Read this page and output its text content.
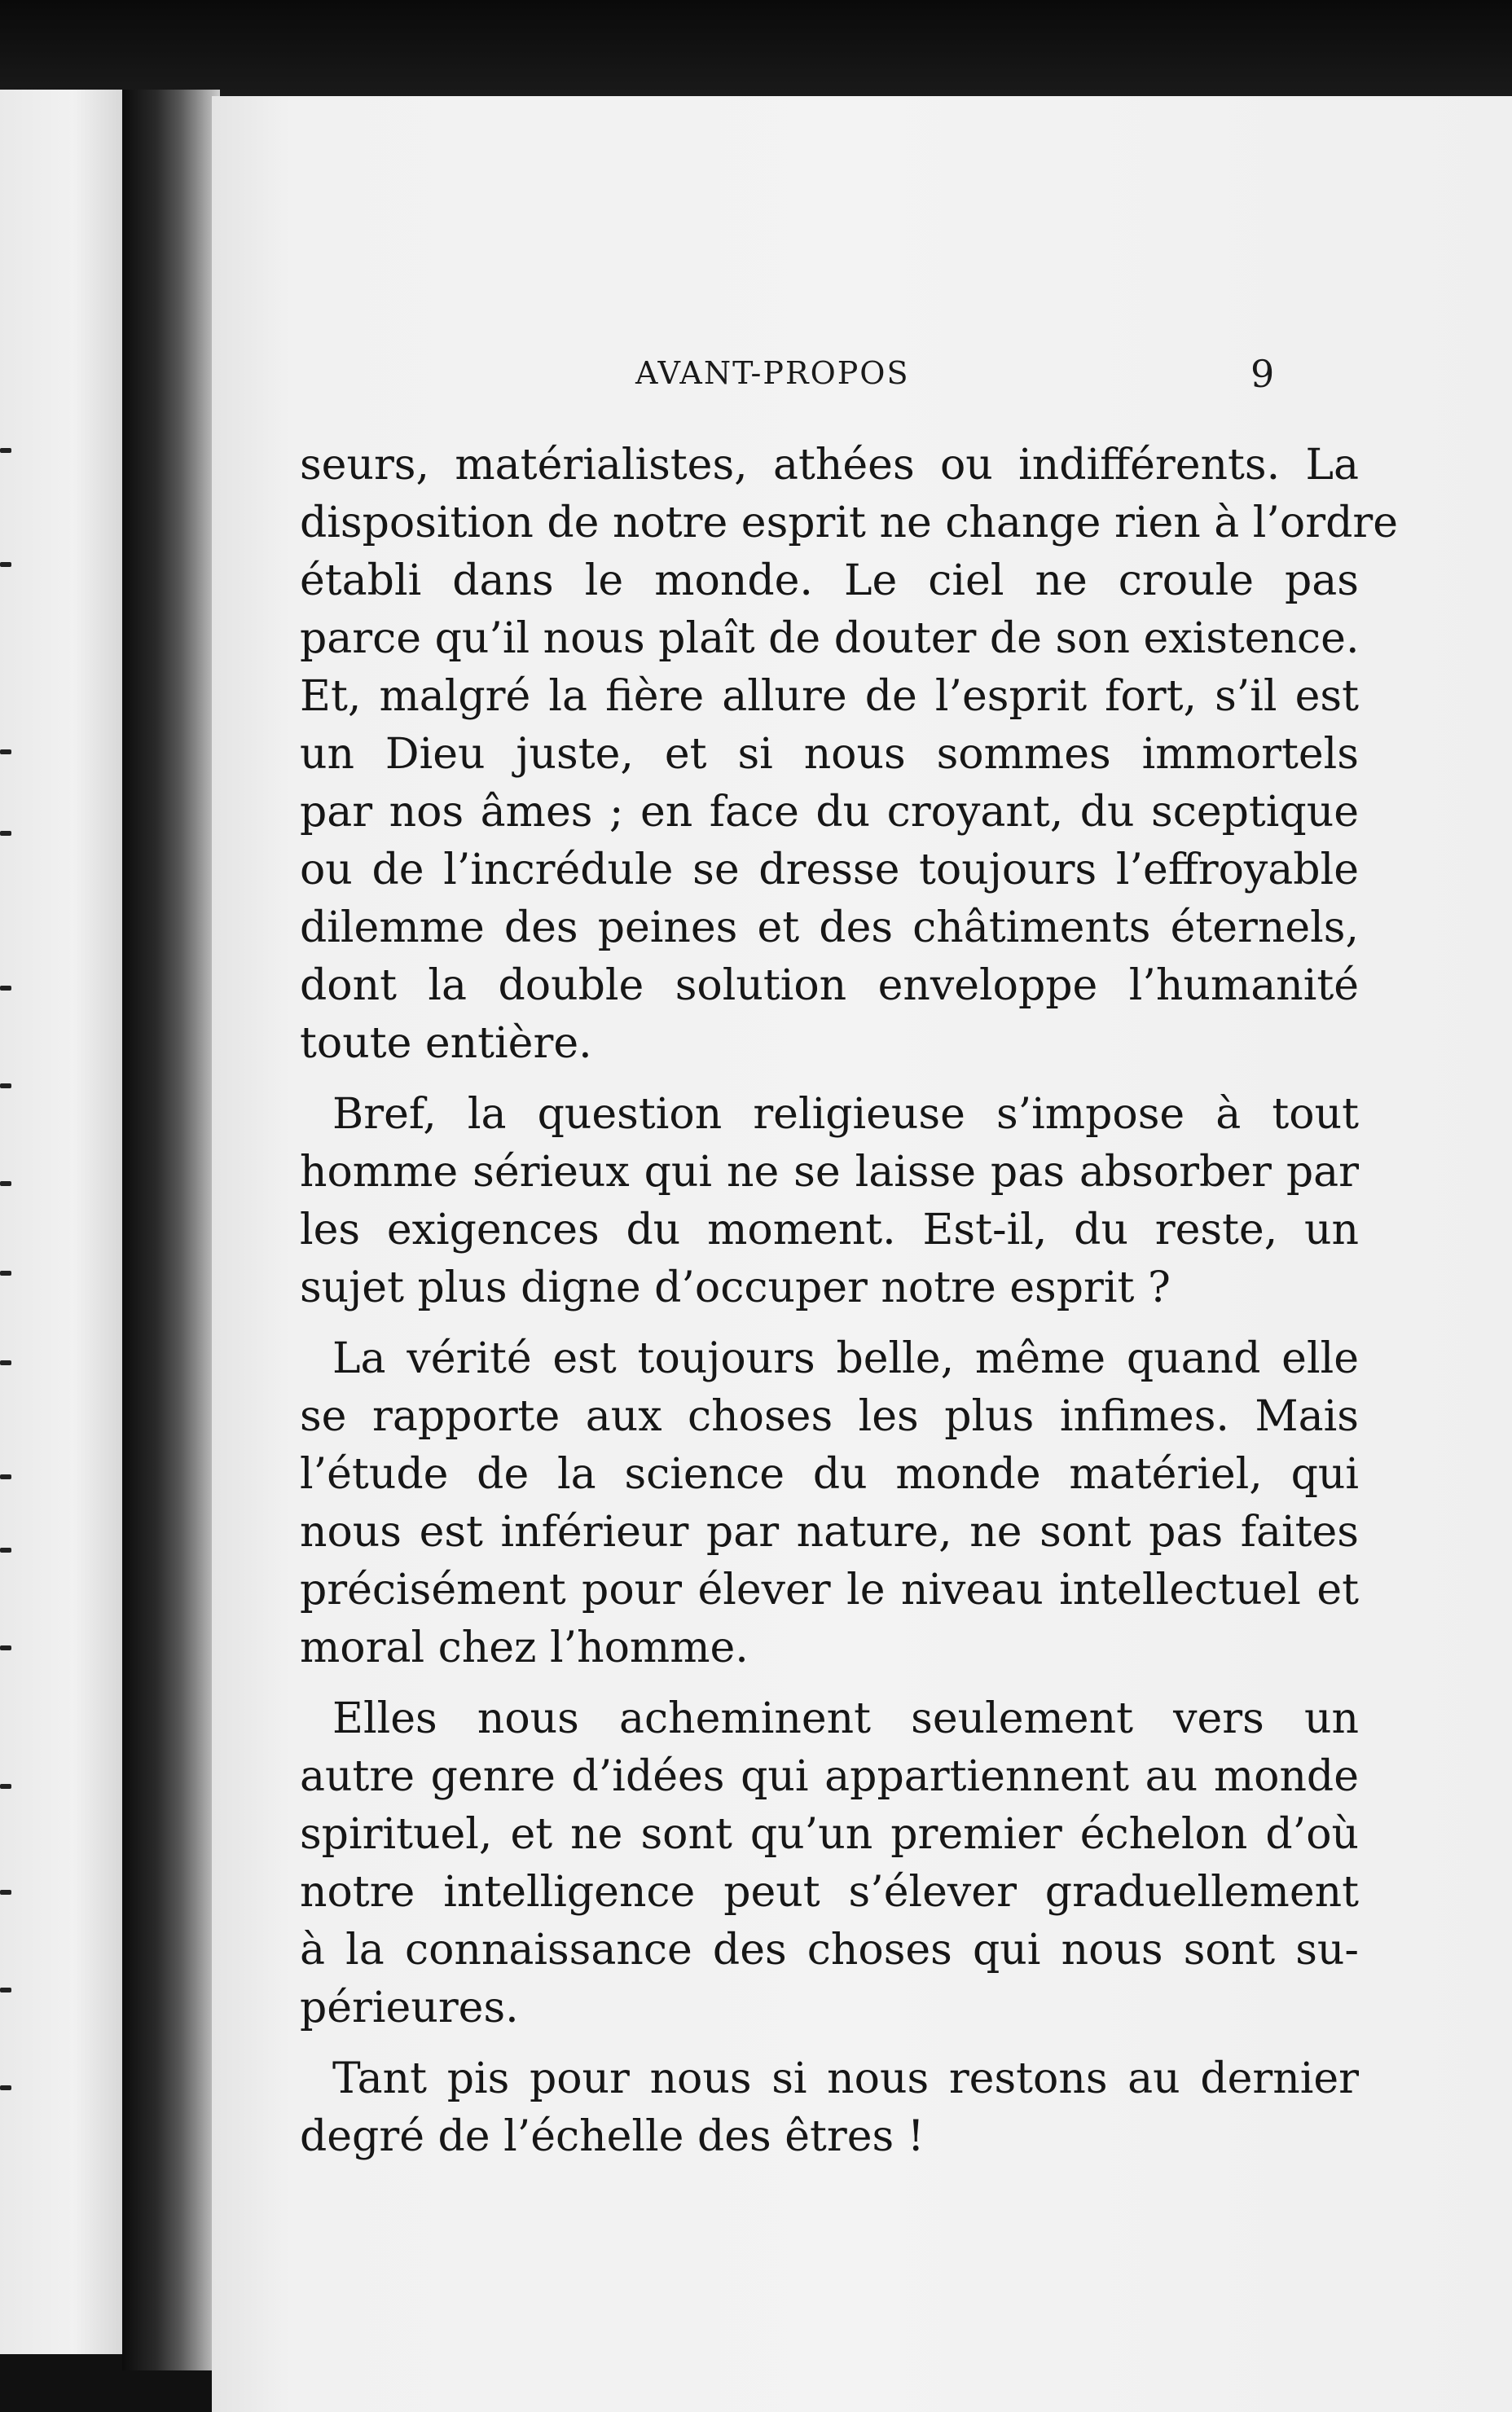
AVANT-PROPOS	9
seurs, matérialistes, athées ou indifférents. La
disposition de notre esprit ne change rien à l’ordre
établi dans le monde. Le ciel ne croule pas
parce qu’il nous plaît de douter de son existence.
Et, malgré la fière allure de l’esprit fort, s’il est
un Dieu juste, et si nous sommes immortels
par nos âmes ; en face du croyant, du sceptique
ou de l’incrédule se dresse toujours l’effroyable
dilemme des peines et des châtiments éternels,
dont la double solution enveloppe l’humanité
toute entière.
Bref, la question religieuse s’impose à tout
homme sérieux qui ne se laisse pas absorber par
les exigences du moment. Est-il, du reste, un
sujet plus digne d’occuper notre esprit ?
La vérité est toujours belle, même quand elle
se rapporte aux choses les plus infimes. Mais
l’étude de la science du monde matériel, qui
nous est inférieur par nature, ne sont pas faites
précisément pour élever le niveau intellectuel et
moral chez l’homme.
Elles nous acheminent seulement vers un
autre genre d’idées qui appartiennent au monde
spirituel, et ne sont qu’un premier échelon d’où
notre intelligence peut s’élever graduellement
à la connaissance des choses qui nous sont su-
périeures.
Tant pis pour nous si nous restons au dernier
degré de l’échelle des êtres !
